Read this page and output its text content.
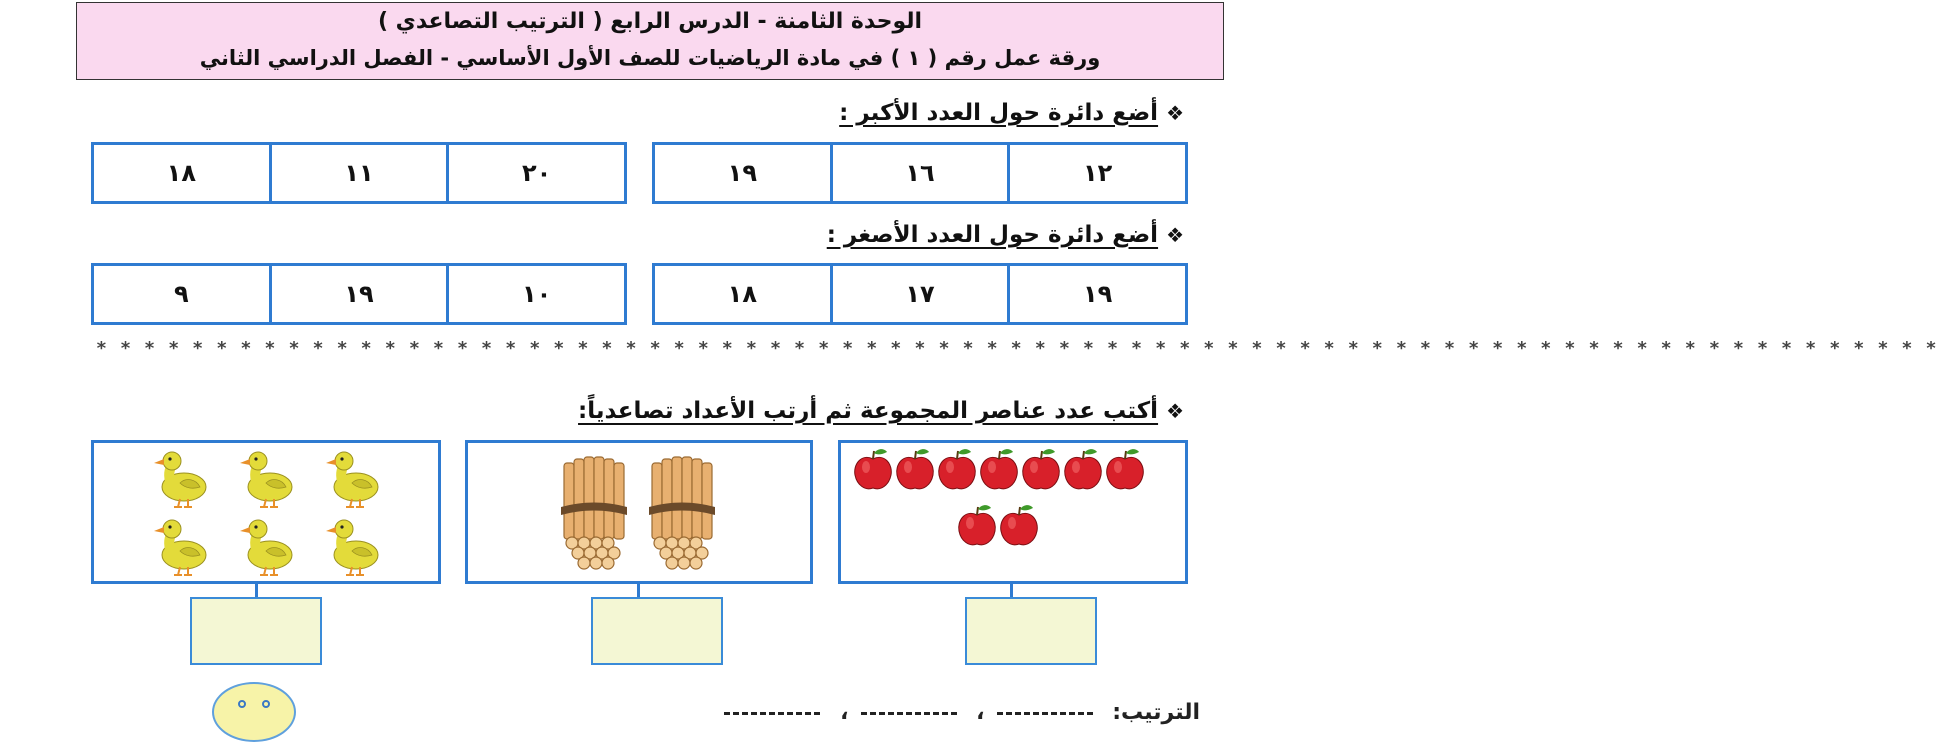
الوحدة الثامنة - الدرس الرابع ( الترتيب التصاعدي )
ورقة عمل رقم ( ١ ) في مادة الرياضيات للصف الأول الأساسي - الفصل الدراسي الثاني
❖أضع دائرة حول العدد الأكبر :
١٢
١٦
١٩
٢٠
١١
١٨
❖أضع دائرة حول العدد الأصغر :
١٩
١٧
١٨
١٠
١٩
٩
* * * * * * * * * * * * * * * * * * * * * * * * * * * * * * * * * * * * * * * * * * * * * * * * * * * * * * * * * * * * * * * * * * * * * * * * * * * * *
❖أكتب عدد عناصر المجموعة ثم أرتب الأعداد تصاعدياً:
الترتيب: ، ،
